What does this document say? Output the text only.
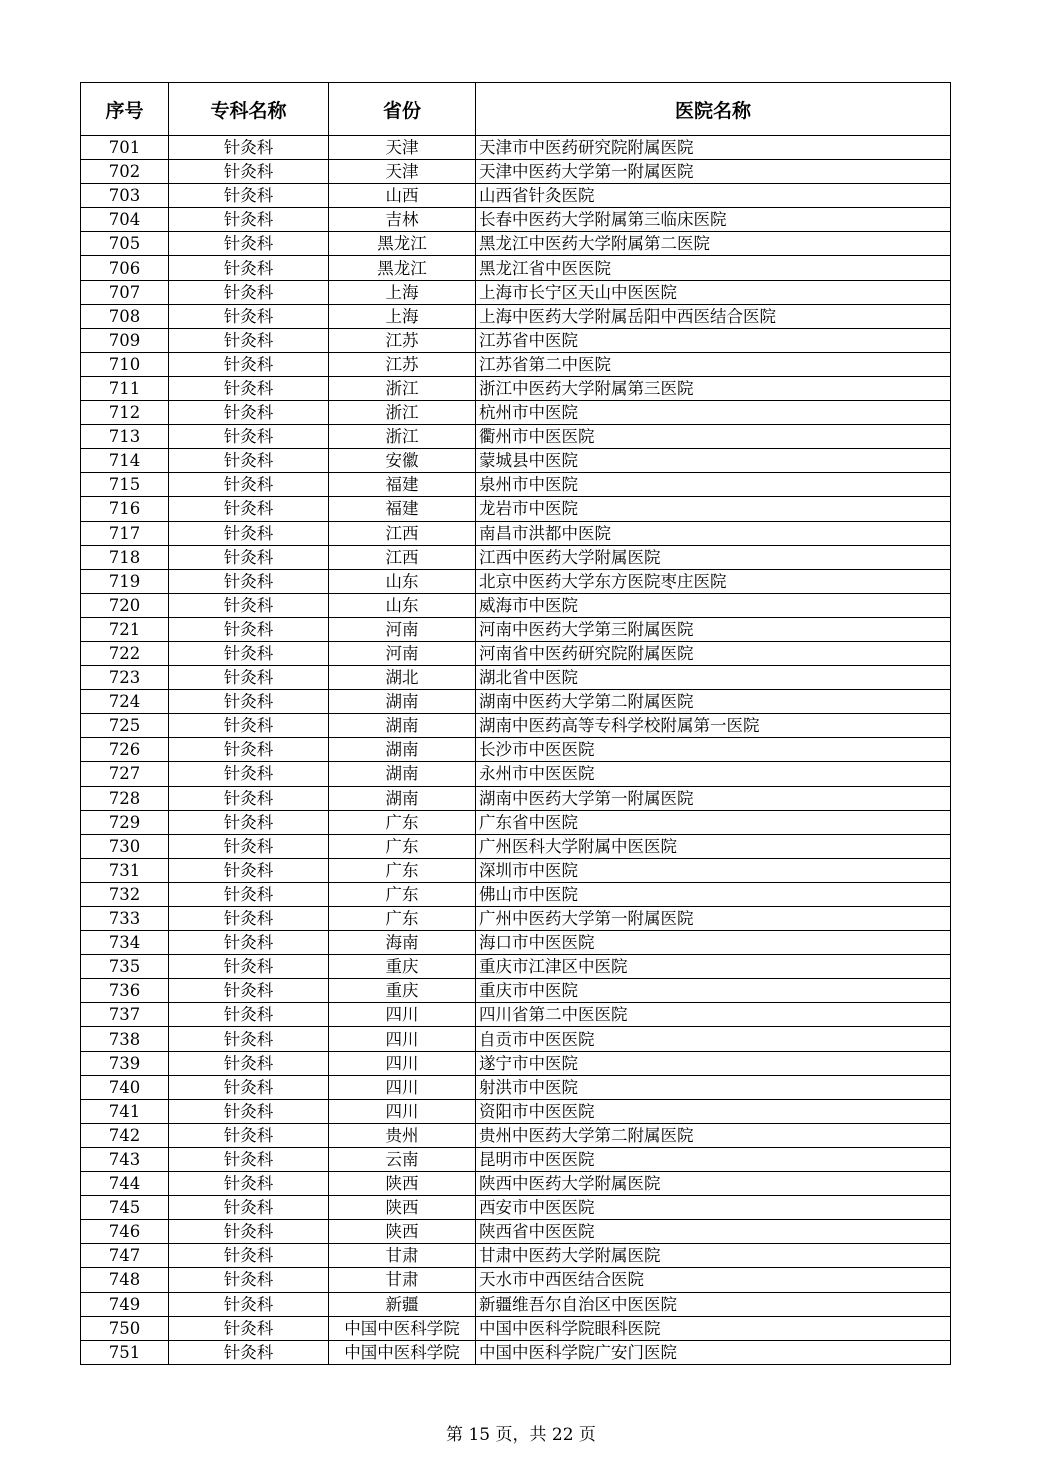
序号	专科名称	省份	医院名称
701	针灸科	天津	天津市中医药研究院附属医院
702	针灸科	天津	天津中医药大学第一附属医院
703	针灸科	山西	山西省针灸医院
704	针灸科	吉林	长春中医药大学附属第三临床医院
705	针灸科	黑龙江	黑龙江中医药大学附属第二医院
706	针灸科	黑龙江	黑龙江省中医医院
707	针灸科	上海	上海市长宁区天山中医医院
708	针灸科	上海	上海中医药大学附属岳阳中西医结合医院
709	针灸科	江苏	江苏省中医院
710	针灸科	江苏	江苏省第二中医院
711	针灸科	浙江	浙江中医药大学附属第三医院
712	针灸科	浙江	杭州市中医院
713	针灸科	浙江	衢州市中医医院
714	针灸科	安徽	蒙城县中医院
715	针灸科	福建	泉州市中医院
716	针灸科	福建	龙岩市中医院
717	针灸科	江西	南昌市洪都中医院
718	针灸科	江西	江西中医药大学附属医院
719	针灸科	山东	北京中医药大学东方医院枣庄医院
720	针灸科	山东	威海市中医院
721	针灸科	河南	河南中医药大学第三附属医院
722	针灸科	河南	河南省中医药研究院附属医院
723	针灸科	湖北	湖北省中医院
724	针灸科	湖南	湖南中医药大学第二附属医院
725	针灸科	湖南	湖南中医药高等专科学校附属第一医院
726	针灸科	湖南	长沙市中医医院
727	针灸科	湖南	永州市中医医院
728	针灸科	湖南	湖南中医药大学第一附属医院
729	针灸科	广东	广东省中医院
730	针灸科	广东	广州医科大学附属中医医院
731	针灸科	广东	深圳市中医院
732	针灸科	广东	佛山市中医院
733	针灸科	广东	广州中医药大学第一附属医院
734	针灸科	海南	海口市中医医院
735	针灸科	重庆	重庆市江津区中医院
736	针灸科	重庆	重庆市中医院
737	针灸科	四川	四川省第二中医医院
738	针灸科	四川	自贡市中医医院
739	针灸科	四川	遂宁市中医院
740	针灸科	四川	射洪市中医院
741	针灸科	四川	资阳市中医医院
742	针灸科	贵州	贵州中医药大学第二附属医院
743	针灸科	云南	昆明市中医医院
744	针灸科	陕西	陕西中医药大学附属医院
745	针灸科	陕西	西安市中医医院
746	针灸科	陕西	陕西省中医医院
747	针灸科	甘肃	甘肃中医药大学附属医院
748	针灸科	甘肃	天水市中西医结合医院
749	针灸科	新疆	新疆维吾尔自治区中医医院
750	针灸科	中国中医科学院	中国中医科学院眼科医院
751	针灸科	中国中医科学院	中国中医科学院广安门医院
第 15 页，共 22 页
